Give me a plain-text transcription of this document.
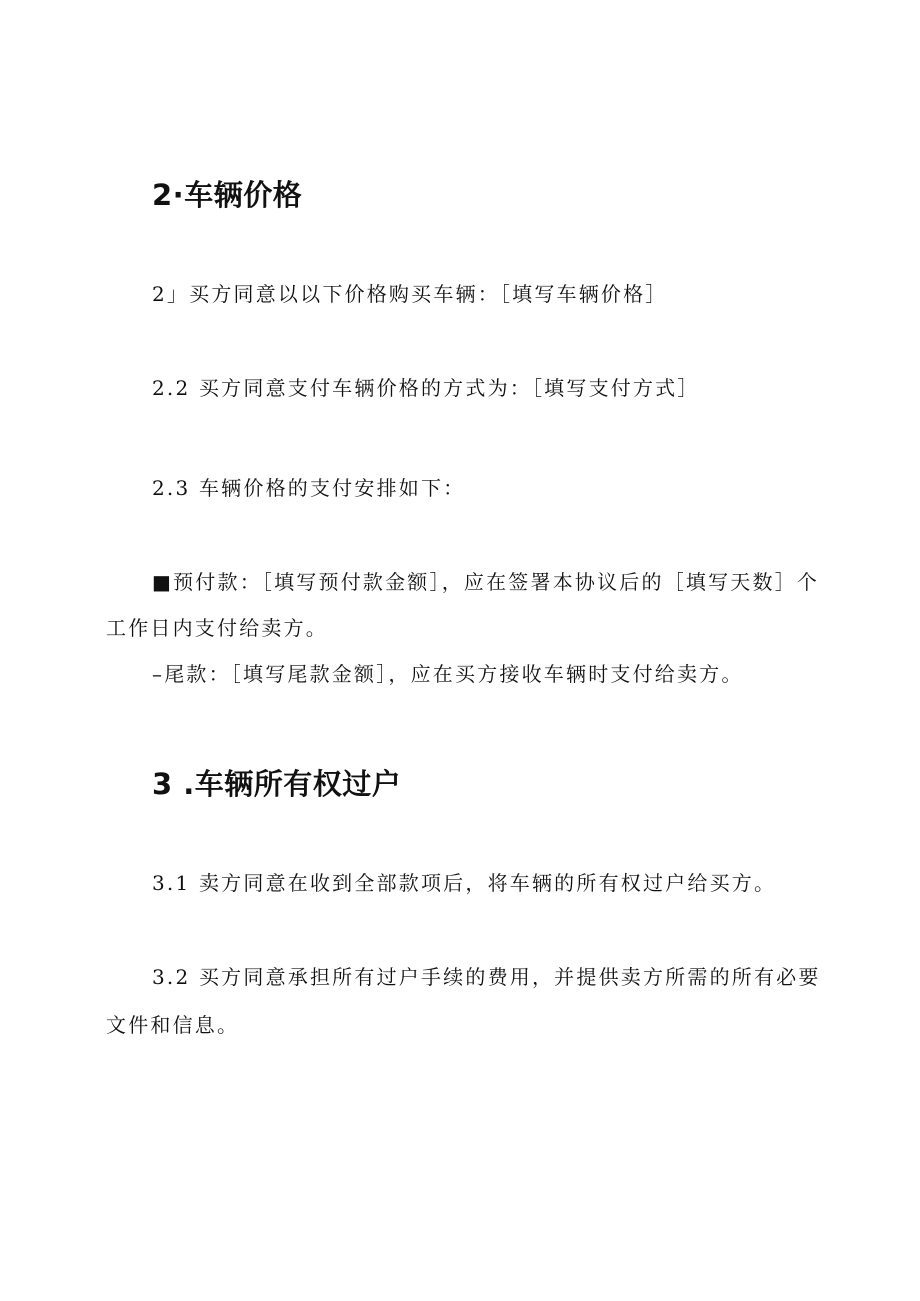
2·车辆价格
2」买方同意以以下价格购买车辆：［填写车辆价格］
2.2 买方同意支付车辆价格的方式为：［填写支付方式］
2.3 车辆价格的支付安排如下：
■预付款：［填写预付款金额］，应在签署本协议后的［填写天数］个
工作日内支付给卖方。
–尾款：［填写尾款金额］，应在买方接收车辆时支付给卖方。
3 .车辆所有权过户
3.1 卖方同意在收到全部款项后，将车辆的所有权过户给买方。
3.2 买方同意承担所有过户手续的费用，并提供卖方所需的所有必要
文件和信息。
